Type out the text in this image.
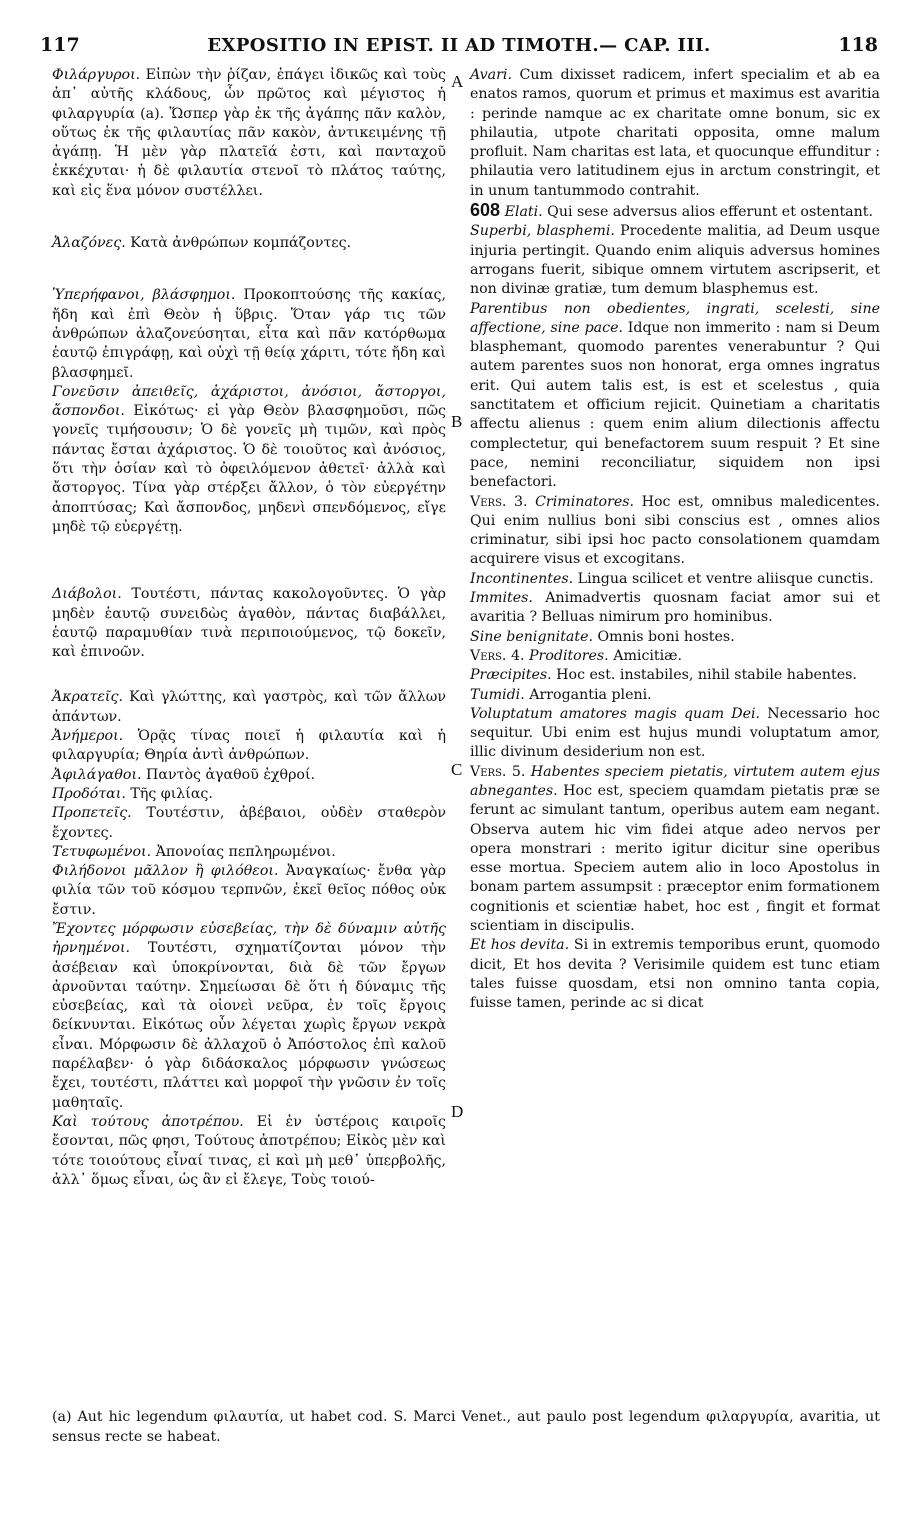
117	EXPOSITIO IN EPIST. II AD TIMOTH.— CAP. III.	118
A
B
C
D

Φιλάργυροι. Εἰπὼν τὴν ῥίζαν, ἐπάγει ἰδικῶς καὶ τοὺς ἀπ᾽ αὐτῆς κλάδους, ὧν πρῶτος καὶ μέγιστος ἡ φιλαργυρία (a). Ὥσπερ γὰρ ἐκ τῆς ἀγάπης πᾶν καλὸν, οὕτως ἐκ τῆς φιλαυτίας πᾶν κακὸν, ἀντικειμένης τῇ ἀγάπῃ. Ἡ μὲν γὰρ πλατεῖά ἐστι, καὶ πανταχοῦ ἐκκέχυται· ἡ δὲ φιλαυτία στενοῖ τὸ πλάτος ταύτης, καὶ εἰς ἕνα μόνον συστέλλει.

Ἀλαζόνες. Κατὰ ἀνθρώπων κομπάζοντες.

Ὑπερήφανοι, βλάσφημοι. Προκοπτούσης τῆς κακίας, ἤδη καὶ ἐπὶ Θεὸν ἡ ὕβρις. Ὅταν γάρ τις τῶν ἀνθρώπων ἀλαζονεύσηται, εἶτα καὶ πᾶν κατόρθωμα ἑαυτῷ ἐπιγράφῃ, καὶ οὐχὶ τῇ θείᾳ χάριτι, τότε ἤδη καὶ βλασφημεῖ.

Γονεῦσιν ἀπειθεῖς, ἀχάριστοι, ἀνόσιοι, ἄστοργοι, ἄσπονδοι. Εἰκότως· εἰ γὰρ Θεὸν βλασφημοῦσι, πῶς γονεῖς τιμήσουσιν; Ὁ δὲ γονεῖς μὴ τιμῶν, καὶ πρὸς πάντας ἔσται ἀχάριστος. Ὁ δὲ τοιοῦτος καὶ ἀνόσιος, ὅτι τὴν ὁσίαν καὶ τὸ ὀφειλόμενον ἀθετεῖ· ἀλλὰ καὶ ἄστοργος. Τίνα γὰρ στέρξει ἄλλον, ὁ τὸν εὐεργέτην ἀποπτύσας; Καὶ ἄσπονδος, μηδενὶ σπενδόμενος, εἴγε μηδὲ τῷ εὐεργέτῃ.

Διάβολοι. Τουτέστι, πάντας κακολογοῦντες. Ὁ γὰρ μηδὲν ἑαυτῷ συνειδὼς ἀγαθὸν, πάντας διαβάλλει, ἑαυτῷ παραμυθίαν τινὰ περιποιούμενος, τῷ δοκεῖν, καὶ ἐπινοῶν.

Ἀκρατεῖς. Καὶ γλώττης, καὶ γαστρὸς, καὶ τῶν ἄλλων ἁπάντων.

Ἀνήμεροι. Ὁρᾷς τίνας ποιεῖ ἡ φιλαυτία καὶ ἡ φιλαργυρία; Θηρία ἀντὶ ἀνθρώπων.

Ἀφιλάγαθοι. Παντὸς ἀγαθοῦ ἐχθροί.

Προδόται. Τῆς φιλίας.

Προπετεῖς. Τουτέστιν, ἀβέβαιοι, οὐδὲν σταθερὸν ἔχοντες.

Τετυφωμένοι. Ἀπονοίας πεπληρωμένοι.

Φιλήδονοι μᾶλλον ἢ φιλόθεοι. Ἀναγκαίως· ἔνθα γὰρ φιλία τῶν τοῦ κόσμου τερπνῶν, ἐκεῖ θεῖος πόθος οὐκ ἔστιν.

Ἔχοντες μόρφωσιν εὐσεβείας, τὴν δὲ δύναμιν αὐτῆς ἠρνημένοι. Τουτέστι, σχηματίζονται μόνον τὴν ἀσέβειαν καὶ ὑποκρίνονται, διὰ δὲ τῶν ἔργων ἀρνοῦνται ταύτην. Σημείωσαι δὲ ὅτι ἡ δύναμις τῆς εὐσεβείας, καὶ τὰ οἱονεὶ νεῦρα, ἐν τοῖς ἔργοις δείκνυνται. Εἰκότως οὖν λέγεται χωρὶς ἔργων νεκρὰ εἶναι. Μόρφωσιν δὲ ἀλλαχοῦ ὁ Ἀπόστολος ἐπὶ καλοῦ παρέλαβεν· ὁ γὰρ διδάσκαλος μόρφωσιν γνώσεως ἔχει, τουτέστι, πλάττει καὶ μορφοῖ τὴν γνῶσιν ἐν τοῖς μαθηταῖς.

Καὶ τούτους ἀποτρέπου. Εἰ ἐν ὑστέροις καιροῖς ἔσονται, πῶς φησι, Τούτους ἀποτρέπου; Εἰκὸς μὲν καὶ τότε τοιούτους εἶναί τινας, εἰ καὶ μὴ μεθ᾽ ὑπερβολῆς, ἀλλ᾽ ὅμως εἶναι, ὡς ἂν εἰ ἔλεγε, Τοὺς τοιού-

Avari. Cum dixisset radicem, infert specialim et ab ea enatos ramos, quorum et primus et maximus est avaritia : perinde namque ac ex charitate omne bonum, sic ex philautia, utpote charitati opposita, omne malum profluit. Nam charitas est lata, et quocunque effunditur : philautia vero latitudinem ejus in arctum constringit, et in unum tantummodo contrahit.

608 Elati. Qui sese adversus alios efferunt et ostentant.

Superbi, blasphemi. Procedente malitia, ad Deum usque injuria pertingit. Quando enim aliquis adversus homines arrogans fuerit, sibique omnem virtutem ascripserit, et non divinæ gratiæ, tum demum blasphemus est.

Parentibus non obedientes, ingrati, scelesti, sine affectione, sine pace. Idque non immerito : nam si Deum blasphemant, quomodo parentes venerabuntur ? Qui autem parentes suos non honorat, erga omnes ingratus erit. Qui autem talis est, is est et scelestus , quia sanctitatem et officium rejicit. Quinetiam a charitatis affectu alienus : quem enim alium dilectionis affectu complectetur, qui benefactorem suum respuit ? Et sine pace, nemini reconciliatur, siquidem non ipsi benefactori.

Vers. 3. Criminatores. Hoc est, omnibus maledicentes. Qui enim nullius boni sibi conscius est , omnes alios criminatur, sibi ipsi hoc pacto consolationem quamdam acquirere visus et excogitans.

Incontinentes. Lingua scilicet et ventre aliisque cunctis.

Immites. Animadvertis quosnam faciat amor sui et avaritia ? Belluas nimirum pro hominibus.

Sine benignitate. Omnis boni hostes.

Vers. 4. Proditores. Amicitiæ.

Præcipites. Hoc est. instabiles, nihil stabile habentes.

Tumidi. Arrogantia pleni.

Voluptatum amatores magis quam Dei. Necessario hoc sequitur. Ubi enim est hujus mundi voluptatum amor, illic divinum desiderium non est.

Vers. 5. Habentes speciem pietatis, virtutem autem ejus abnegantes. Hoc est, speciem quamdam pietatis præ se ferunt ac simulant tantum, operibus autem eam negant. Observa autem hic vim fidei atque adeo nervos per opera monstrari : merito igitur dicitur sine operibus esse mortua. Speciem autem alio in loco Apostolus in bonam partem assumpsit : præceptor enim formationem cognitionis et scientiæ habet, hoc est , fingit et format scientiam in discipulis.

Et hos devita. Si in extremis temporibus erunt, quomodo dicit, Et hos devita ? Verisimile quidem est tunc etiam tales fuisse quosdam, etsi non omnino tanta copia, fuisse tamen, perinde ac si dicat

(a) Aut hic legendum φιλαυτία, ut habet cod. S. Marci Venet., aut paulo post legendum φιλαργυρία, avaritia, ut sensus recte se habeat.
